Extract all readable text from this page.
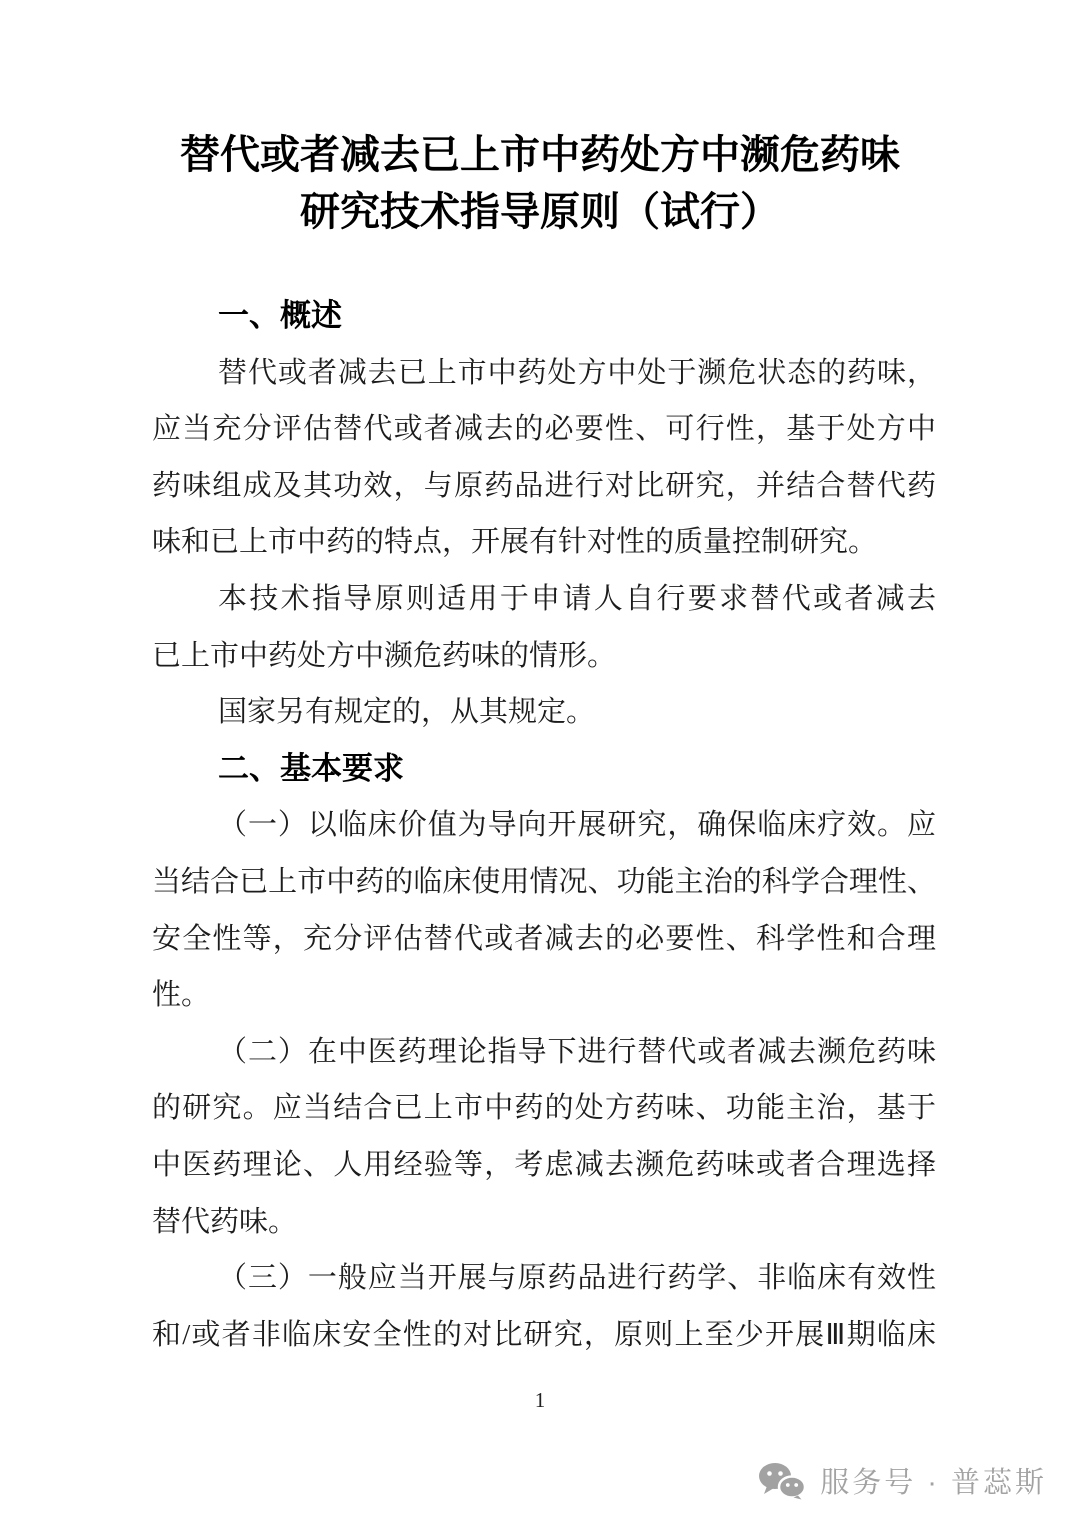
替代或者减去已上市中药处方中濒危药味
研究技术指导原则（试行）
一、概述
替代或者减去已上市中药处方中处于濒危状态的药味，
应当充分评估替代或者减去的必要性、可行性，基于处方中
药味组成及其功效，与原药品进行对比研究，并结合替代药
味和已上市中药的特点，开展有针对性的质量控制研究。
本技术指导原则适用于申请人自行要求替代或者减去
已上市中药处方中濒危药味的情形。
国家另有规定的，从其规定。
二、基本要求
（一）以临床价值为导向开展研究，确保临床疗效。应
当结合已上市中药的临床使用情况、功能主治的科学合理性、
安全性等，充分评估替代或者减去的必要性、科学性和合理
性。
（二）在中医药理论指导下进行替代或者减去濒危药味
的研究。应当结合已上市中药的处方药味、功能主治，基于
中医药理论、人用经验等，考虑减去濒危药味或者合理选择
替代药味。
（三）一般应当开展与原药品进行药学、非临床有效性
和/或者非临床安全性的对比研究，原则上至少开展Ⅲ期临床
1
服务号 · 普蕊斯
